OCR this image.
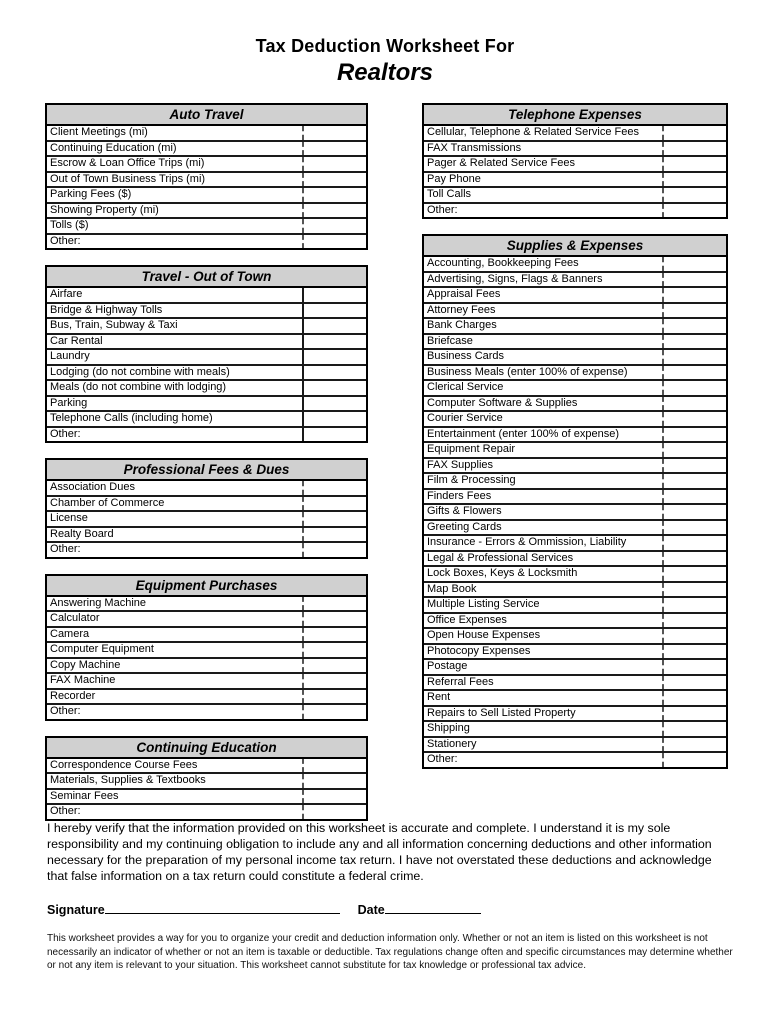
Tax Deduction Worksheet For
Realtors
Auto Travel
Client Meetings (mi)
Continuing Education (mi)
Escrow & Loan Office Trips (mi)
Out of Town Business Trips (mi)
Parking Fees ($)
Showing Property (mi)
Tolls ($)
Other:
Travel - Out of Town
Airfare
Bridge & Highway Tolls
Bus, Train, Subway & Taxi
Car Rental
Laundry
Lodging (do not combine with meals)
Meals (do not combine with lodging)
Parking
Telephone Calls (including home)
Other:
Professional Fees & Dues
Association Dues
Chamber of Commerce
License
Realty Board
Other:
Equipment Purchases
Answering Machine
Calculator
Camera
Computer Equipment
Copy Machine
FAX Machine
Recorder
Other:
Continuing Education
Correspondence Course Fees
Materials, Supplies & Textbooks
Seminar Fees
Other:
Telephone Expenses
Cellular, Telephone & Related Service Fees
FAX Transmissions
Pager & Related Service Fees
Pay Phone
Toll Calls
Other:
Supplies & Expenses
Accounting, Bookkeeping Fees
Advertising, Signs, Flags & Banners
Appraisal Fees
Attorney Fees
Bank Charges
Briefcase
Business Cards
Business Meals (enter 100% of expense)
Clerical Service
Computer Software & Supplies
Courier Service
Entertainment (enter 100% of expense)
Equipment Repair
FAX Supplies
Film & Processing
Finders Fees
Gifts & Flowers
Greeting Cards
Insurance - Errors & Ommission, Liability
Legal & Professional Services
Lock Boxes, Keys & Locksmith
Map Book
Multiple Listing Service
Office Expenses
Open House Expenses
Photocopy Expenses
Postage
Referral Fees
Rent
Repairs to Sell Listed Property
Shipping
Stationery
Other:
I hereby verify that the information provided on this worksheet is accurate and complete. I understand it is my sole responsibility and my continuing obligation to include any and all information concerning deductions and other information necessary for the preparation of my personal income tax return. I have not overstated these deductions and acknowledge that false information on a tax return could constitute a federal crime.
Signature	Date
This worksheet provides a way for you to organize your credit and deduction information only. Whether or not an item is listed on this worksheet is not necessarily an indicator of whether or not an item is taxable or deductible. Tax regulations change often and specific circumstances may determine whether or not any item is relevant to your situation. This worksheet cannot substitute for tax knowledge or professional tax advice.
